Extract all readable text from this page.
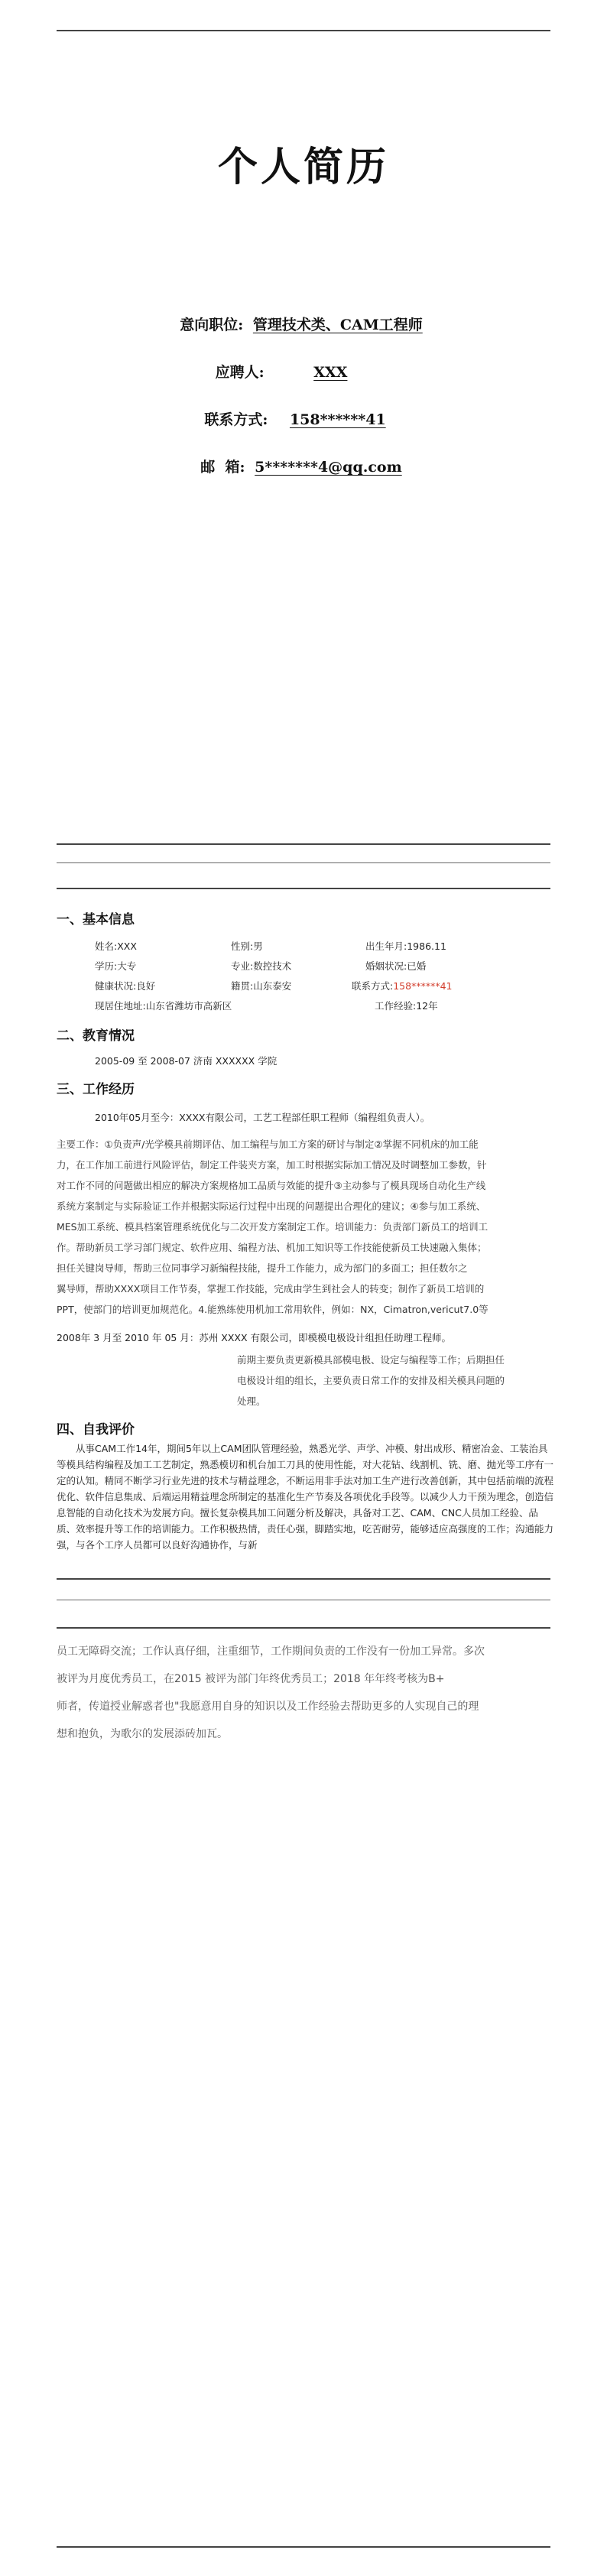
个人简历
意向职位: 管理技术类、CAM工程师
应聘人:	XXX
联系方式: 158******41
邮  箱: 5*******4@qq.com
一、基本信息
姓名:XXX	性别:男	出生年月:1986.11
学历:大专	专业:数控技术	婚姻状况:已婚
健康状况:良好	籍贯:山东泰安	联系方式:158******41
现居住地址:山东省潍坊市高新区	工作经验:12年
二、教育情况
2005-09 至 2008-07 济南 XXXXXX 学院
三、工作经历
2010年05月至今：XXXX有限公司，工艺工程部任职工程师（编程组负责人）。

主要工作：①负责声/光学模具前期评估、加工编程与加工方案的研讨与制定②掌握不同机床的加工能

力，在工作加工前进行风险评估，制定工件装夹方案，加工时根据实际加工情况及时调整加工参数，针

对工作不同的问题做出相应的解决方案规格加工品质与效能的提升③主动参与了模具现场自动化生产线

系统方案制定与实际验证工作并根据实际运行过程中出现的问题提出合理化的建议；④参与加工系统、

MES加工系统、模具档案管理系统优化与二次开发方案制定工作。培训能力：负责部门新员工的培训工

作。帮助新员工学习部门规定、软件应用、编程方法、机加工知识等工作技能使新员工快速融入集体；

担任关键岗导师，帮助三位同事学习新编程技能，提升工作能力，成为部门的多面工；担任数尔之

翼导师，帮助XXXX项目工作节奏，掌握工作技能，完成由学生到社会人的转变；制作了新员工培训的

PPT，使部门的培训更加规范化。4.能熟练使用机加工常用软件，例如：NX，Cimatron,vericut7.0等

2008年 3 月至 2010 年 05 月：苏州 XXXX 有限公司，即模模电极设计组担任助理工程师。
前期主要负责更新模具部模电极、设定与编程等工作；后期担任
电极设计组的组长，主要负责日常工作的安排及相关模具问题的
处理。
四、自我评价
从事CAM工作14年，期间5年以上CAM团队管理经验，熟悉光学、声学、冲模、射出成形、精密冶金、工装治具等模具结构编程及加工工艺制定，熟悉模切和机台加工刀具的使用性能，对大花钻、线割机、铣、磨、抛光等工序有一定的认知。精同不断学习行业先进的技术与精益理念，不断运用非手法对加工生产进行改善创新，其中包括前端的流程优化、软件信息集成、后端运用精益理念所制定的基准化生产节奏及各项优化手段等。以减少人力干预为理念，创造信息智能的自动化技术为发展方向。擅长复杂模具加工问题分析及解决，具备对工艺、CAM、CNC人员加工经验、品质、效率提升等工作的培训能力。工作积极热情，责任心强，脚踏实地，吃苦耐劳，能够适应高强度的工作；沟通能力强，与各个工序人员都可以良好沟通协作，与新

员工无障碍交流；工作认真仔细，注重细节，工作期间负责的工作没有一份加工异常。多次

被评为月度优秀员工，在2015 被评为部门年终优秀员工；2018 年年终考核为B+

师者，传道授业解惑者也"我愿意用自身的知识以及工作经验去帮助更多的人实现自己的理

想和抱负，为歌尔的发展添砖加瓦。
